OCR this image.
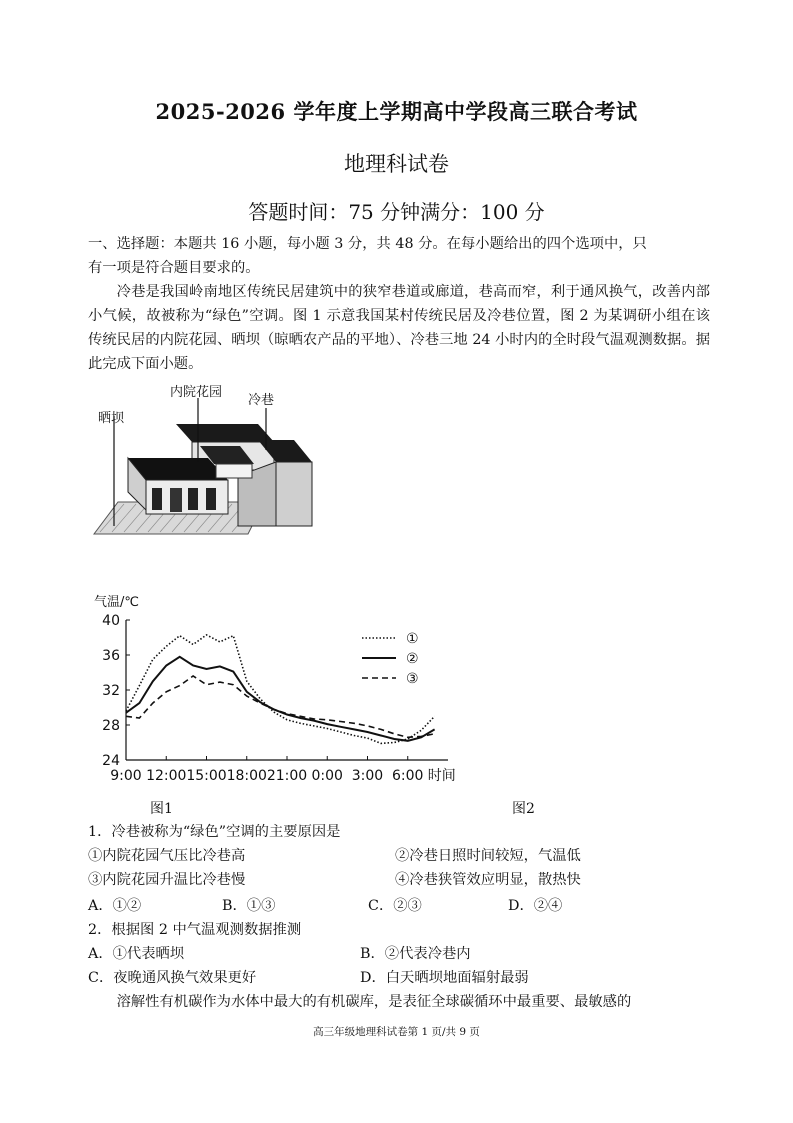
2025-2026 学年度上学期高中学段高三联合考试
地理科试卷
答题时间：75 分钟满分：100 分
一、选择题：本题共 16 小题，每小题 3 分，共 48 分。在每小题给出的四个选项中，只
有一项是符合题目要求的。
冷巷是我国岭南地区传统民居建筑中的狭窄巷道或廊道，巷高而窄，利于通风换气，改善内部小气候，故被称为“绿色”空调。图 1 示意我国某村传统民居及冷巷位置，图 2 为某调研小组在该传统民居的内院花园、晒坝（晾晒农产品的平地）、冷巷三地 24 小时内的全时段气温观测数据。据此完成下面小题。
晒坝
内院花园
冷巷
气温/℃
24
28
32
36
40
9:00 12:00 15:00 18:00 21:00 0:00 3:00 6:00 时间
①
②
③
图1	图2
1．冷巷被称为“绿色”空调的主要原因是
①内院花园气压比冷巷高	②冷巷日照时间较短，气温低
③内院花园升温比冷巷慢	④冷巷狭管效应明显，散热快
A．①②	B．①③	C．②③	D．②④
2．根据图 2 中气温观测数据推测
A．①代表晒坝	B．②代表冷巷内
C．夜晚通风换气效果更好	D．白天晒坝地面辐射最弱
溶解性有机碳作为水体中最大的有机碳库，是表征全球碳循环中最重要、最敏感的
高三年级地理科试卷第 1 页/共 9 页
